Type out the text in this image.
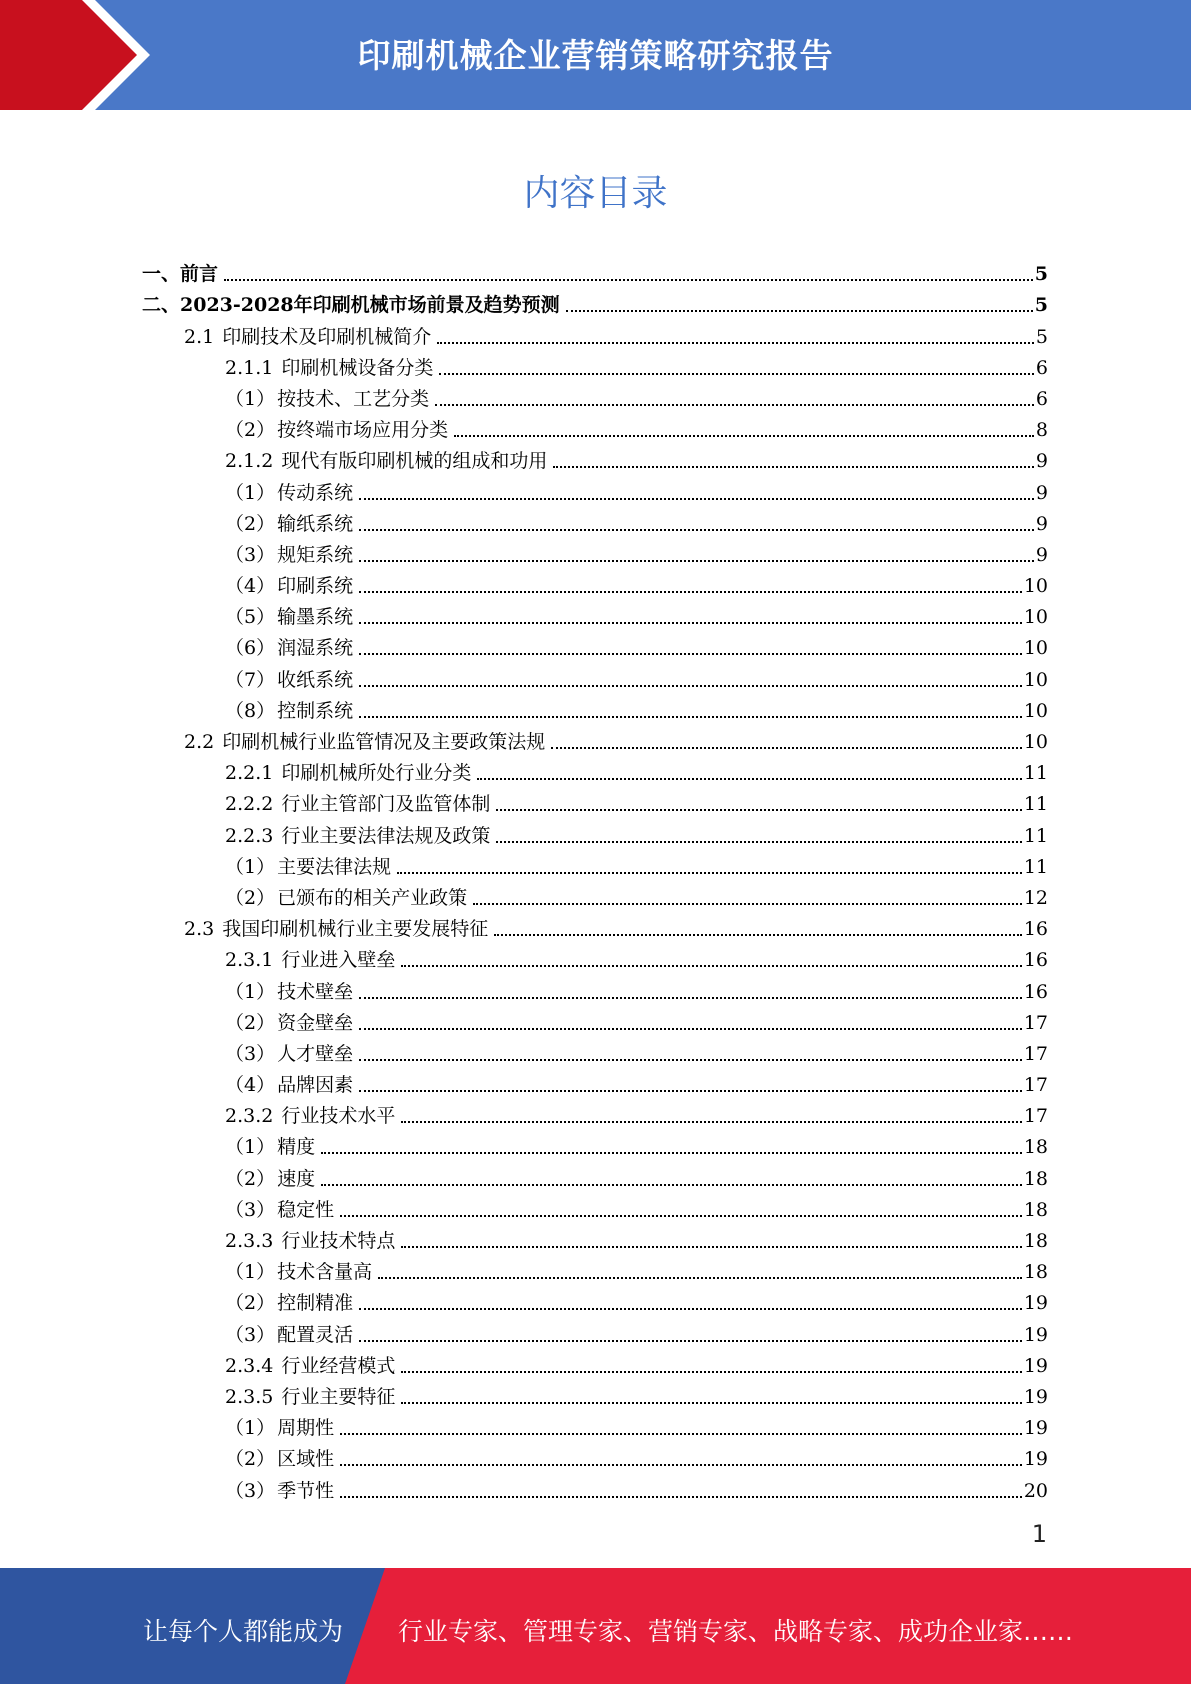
印刷机械企业营销策略研究报告
内容目录
一、前言	5
二、2023-2028年印刷机械市场前景及趋势预测	5
2.1 印刷技术及印刷机械简介	5
2.1.1 印刷机械设备分类	6
（1） 按技术、工艺分类	6
（2） 按终端市场应用分类	8
2.1.2 现代有版印刷机械的组成和功用	9
（1） 传动系统	9
（2） 输纸系统	9
（3） 规矩系统	9
（4） 印刷系统	10
（5） 输墨系统	10
（6） 润湿系统	10
（7） 收纸系统	10
（8） 控制系统	10
2.2 印刷机械行业监管情况及主要政策法规	10
2.2.1 印刷机械所处行业分类	11
2.2.2 行业主管部门及监管体制	11
2.2.3 行业主要法律法规及政策	11
（1） 主要法律法规	11
（2） 已颁布的相关产业政策	12
2.3 我国印刷机械行业主要发展特征	16
2.3.1 行业进入壁垒	16
（1） 技术壁垒	16
（2） 资金壁垒	17
（3） 人才壁垒	17
（4） 品牌因素	17
2.3.2 行业技术水平	17
（1） 精度	18
（2） 速度	18
（3） 稳定性	18
2.3.3 行业技术特点	18
（1） 技术含量高	18
（2） 控制精准	19
（3） 配置灵活	19
2.3.4 行业经营模式	19
2.3.5 行业主要特征	19
（1） 周期性	19
（2） 区域性	19
（3） 季节性	20
1
让每个人都能成为 行业专家、管理专家、营销专家、战略专家、成功企业家……
